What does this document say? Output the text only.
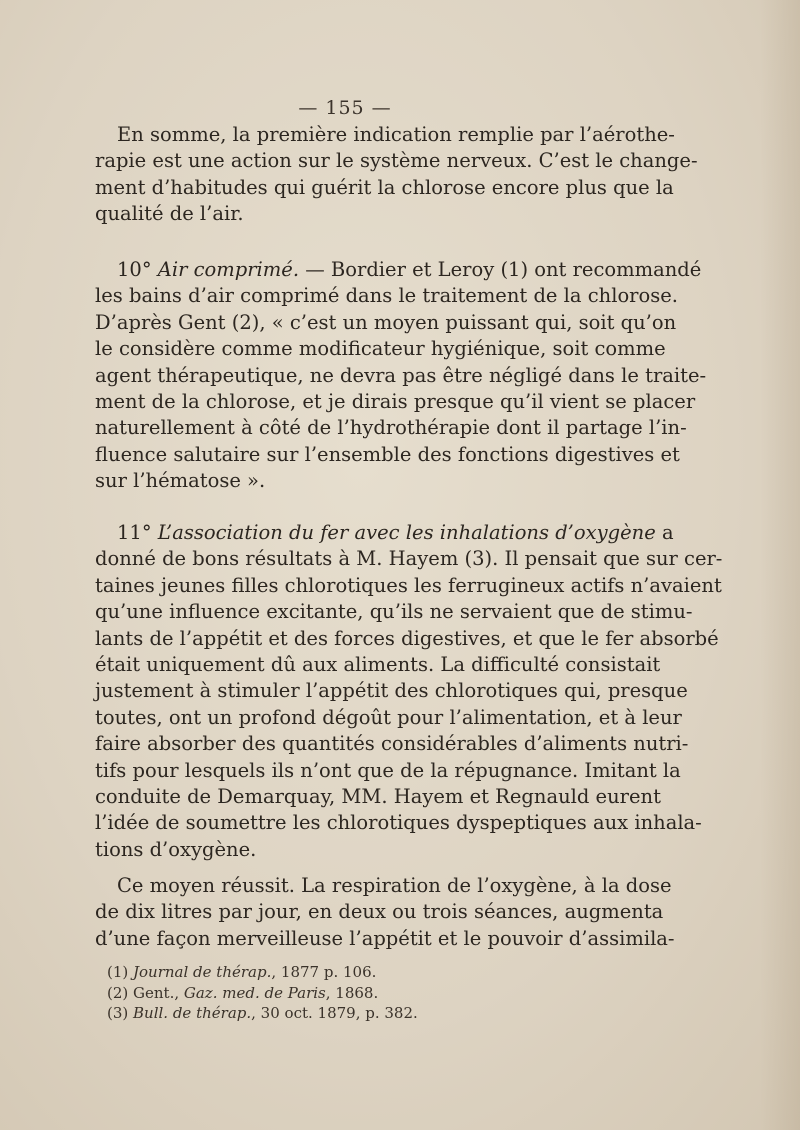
— 155 —

En somme, la première indication remplie par l’aérothe-
rapie est une action sur le système nerveux. C’est le change-
ment d’habitudes qui guérit la chlorose encore plus que la
qualité de l’air.

10° Air comprimé. — Bordier et Leroy (1) ont recommandé
les bains d’air comprimé dans le traitement de la chlorose.
D’après Gent (2), « c’est un moyen puissant qui, soit qu’on
le considère comme modificateur hygiénique, soit comme
agent thérapeutique, ne devra pas être négligé dans le traite-
ment de la chlorose, et je dirais presque qu’il vient se placer
naturellement à côté de l’hydrothérapie dont il partage l’in-
fluence salutaire sur l’ensemble des fonctions digestives et
sur l’hématose ».

11° L’association du fer avec les inhalations d’oxygène a
donné de bons résultats à M. Hayem (3). Il pensait que sur cer-
taines jeunes filles chlorotiques les ferrugineux actifs n’avaient
qu’une influence excitante, qu’ils ne servaient que de stimu-
lants de l’appétit et des forces digestives, et que le fer absorbé
était uniquement dû aux aliments. La difficulté consistait
justement à stimuler l’appétit des chlorotiques qui, presque
toutes, ont un profond dégoût pour l’alimentation, et à leur
faire absorber des quantités considérables d’aliments nutri-
tifs pour lesquels ils n’ont que de la répugnance. Imitant la
conduite de Demarquay, MM. Hayem et Regnauld eurent
l’idée de soumettre les chlorotiques dyspeptiques aux inhala-
tions d’oxygène.

Ce moyen réussit. La respiration de l’oxygène, à la dose
de dix litres par jour, en deux ou trois séances, augmenta
d’une façon merveilleuse l’appétit et le pouvoir d’assimila-

(1) Journal de thérap., 1877 p. 106.
(2) Gent., Gaz. med. de Paris, 1868.
(3) Bull. de thérap., 30 oct. 1879, p. 382.
